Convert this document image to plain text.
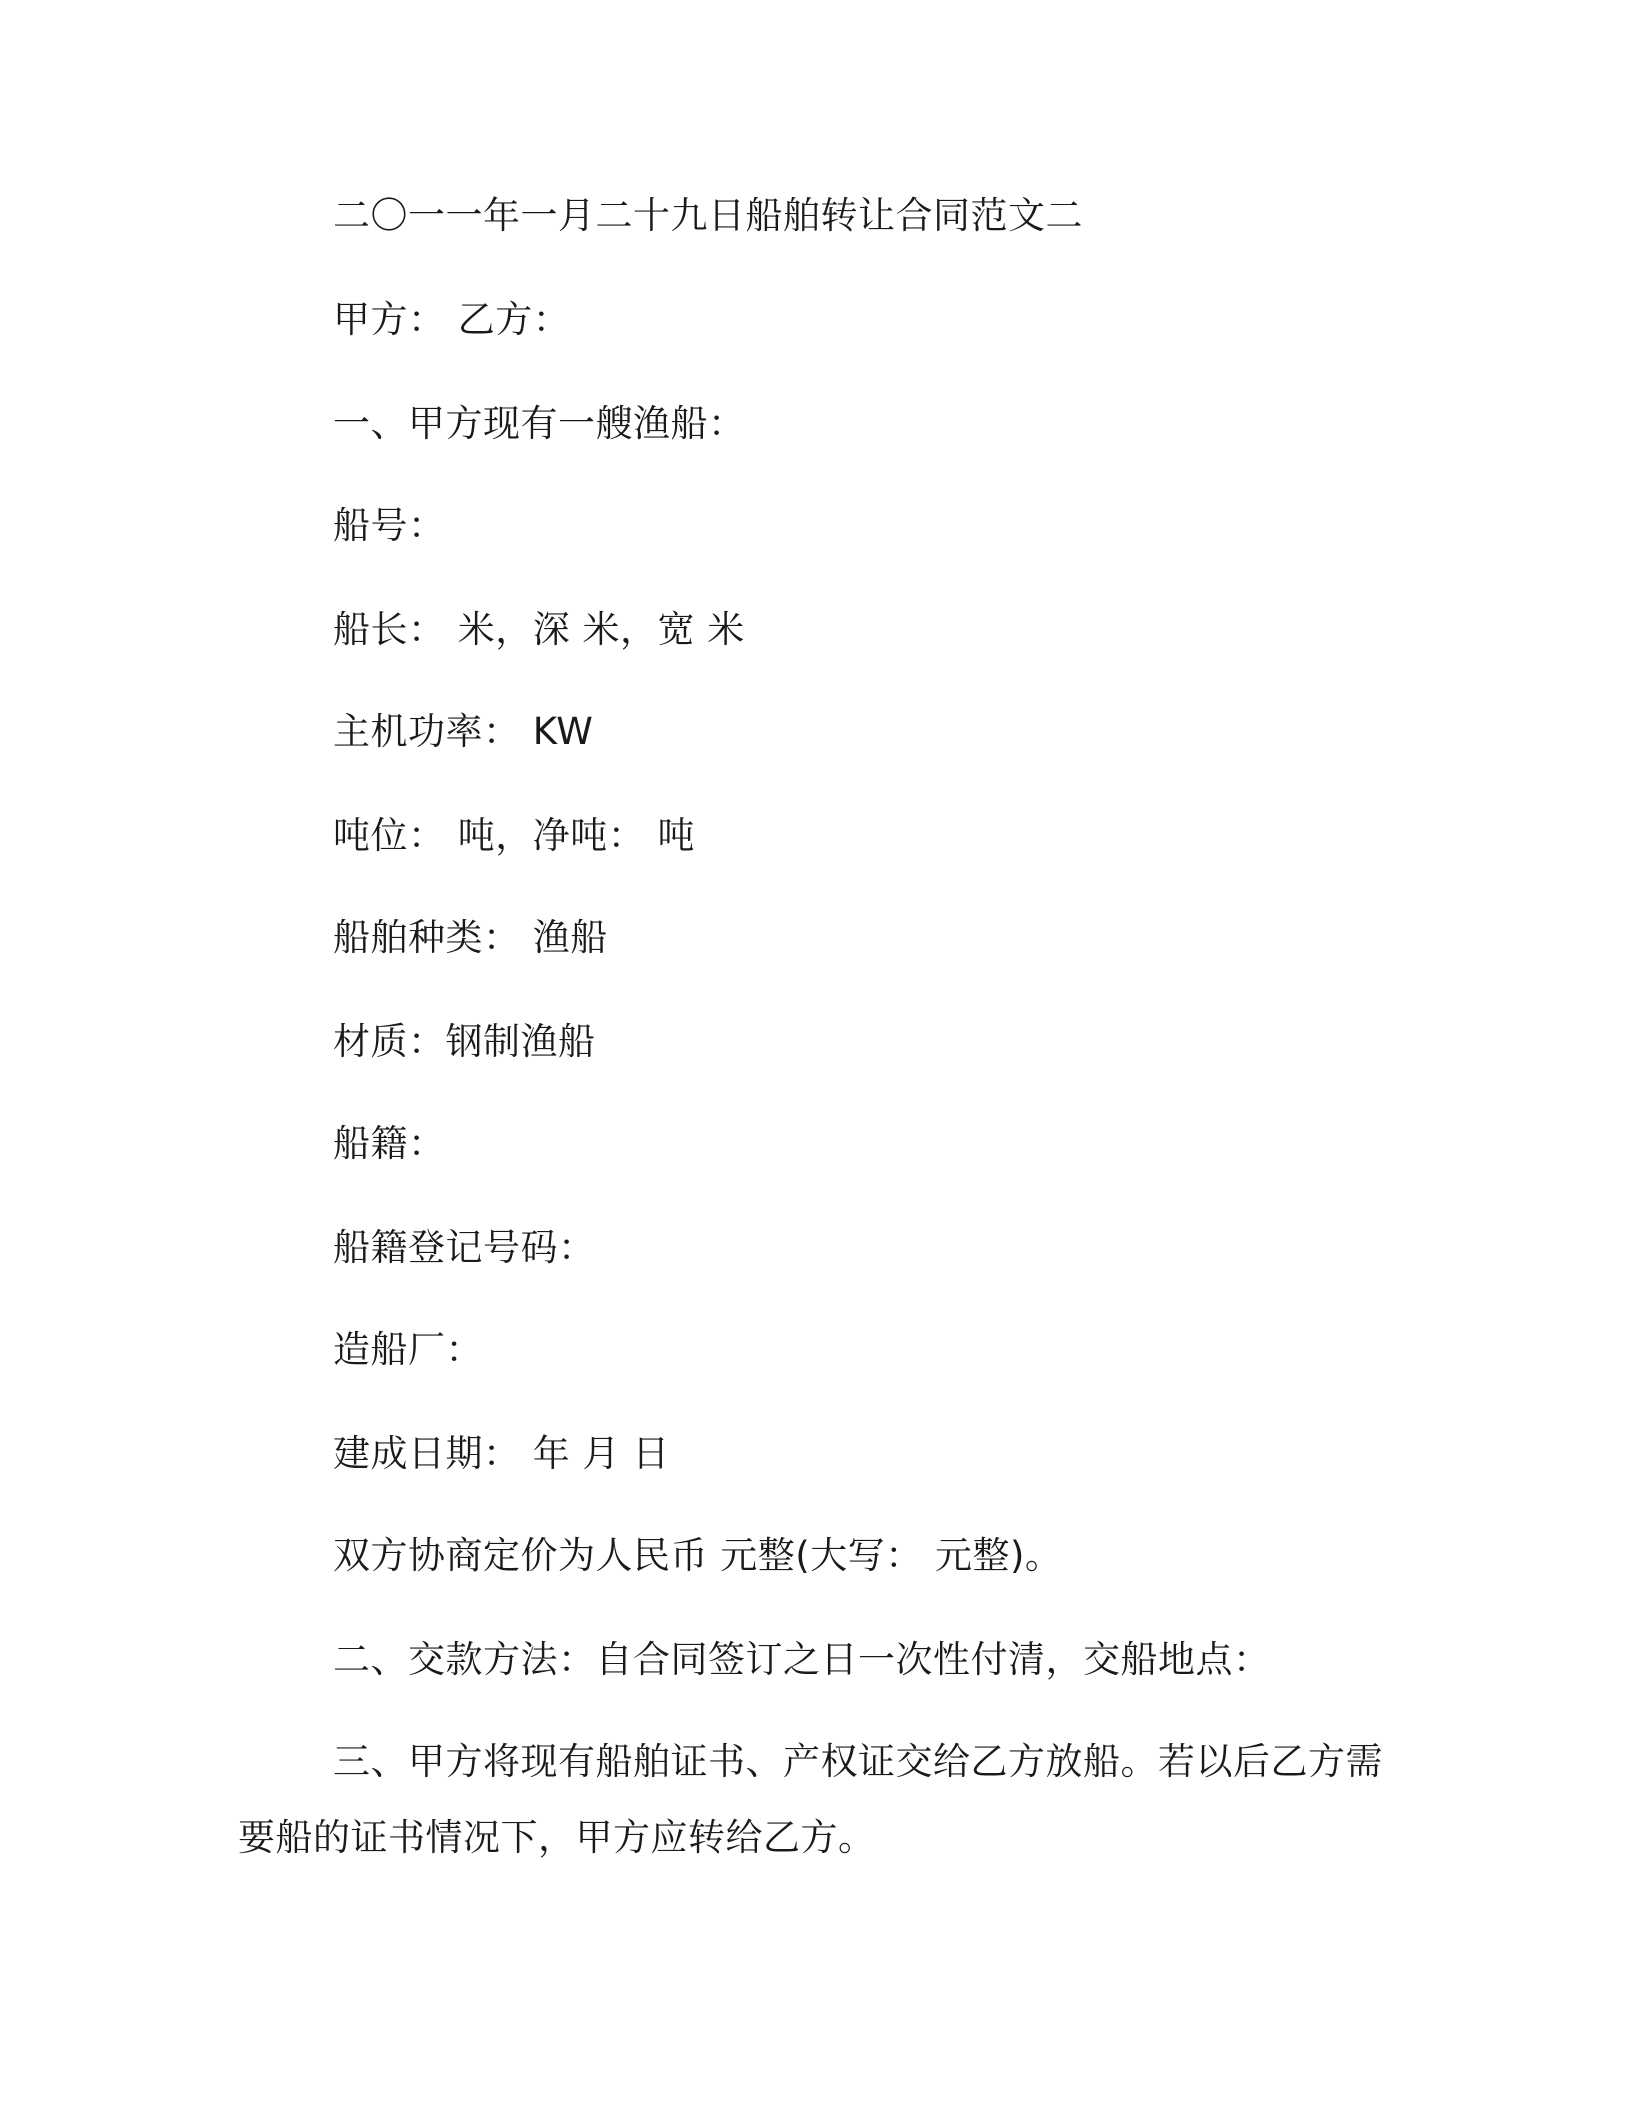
二〇一一年一月二十九日船舶转让合同范文二
甲方： 乙方：
一、甲方现有一艘渔船：
船号：
船长： 米，深 米，宽 米
主机功率： KW
吨位： 吨，净吨： 吨
船舶种类： 渔船
材质：钢制渔船
船籍：
船籍登记号码：
造船厂：
建成日期： 年 月 日
双方协商定价为人民币 元整(大写： 元整)。
二、交款方法：自合同签订之日一次性付清，交船地点：
三、甲方将现有船舶证书、产权证交给乙方放船。若以后乙方需要船的证书情况下，甲方应转给乙方。
